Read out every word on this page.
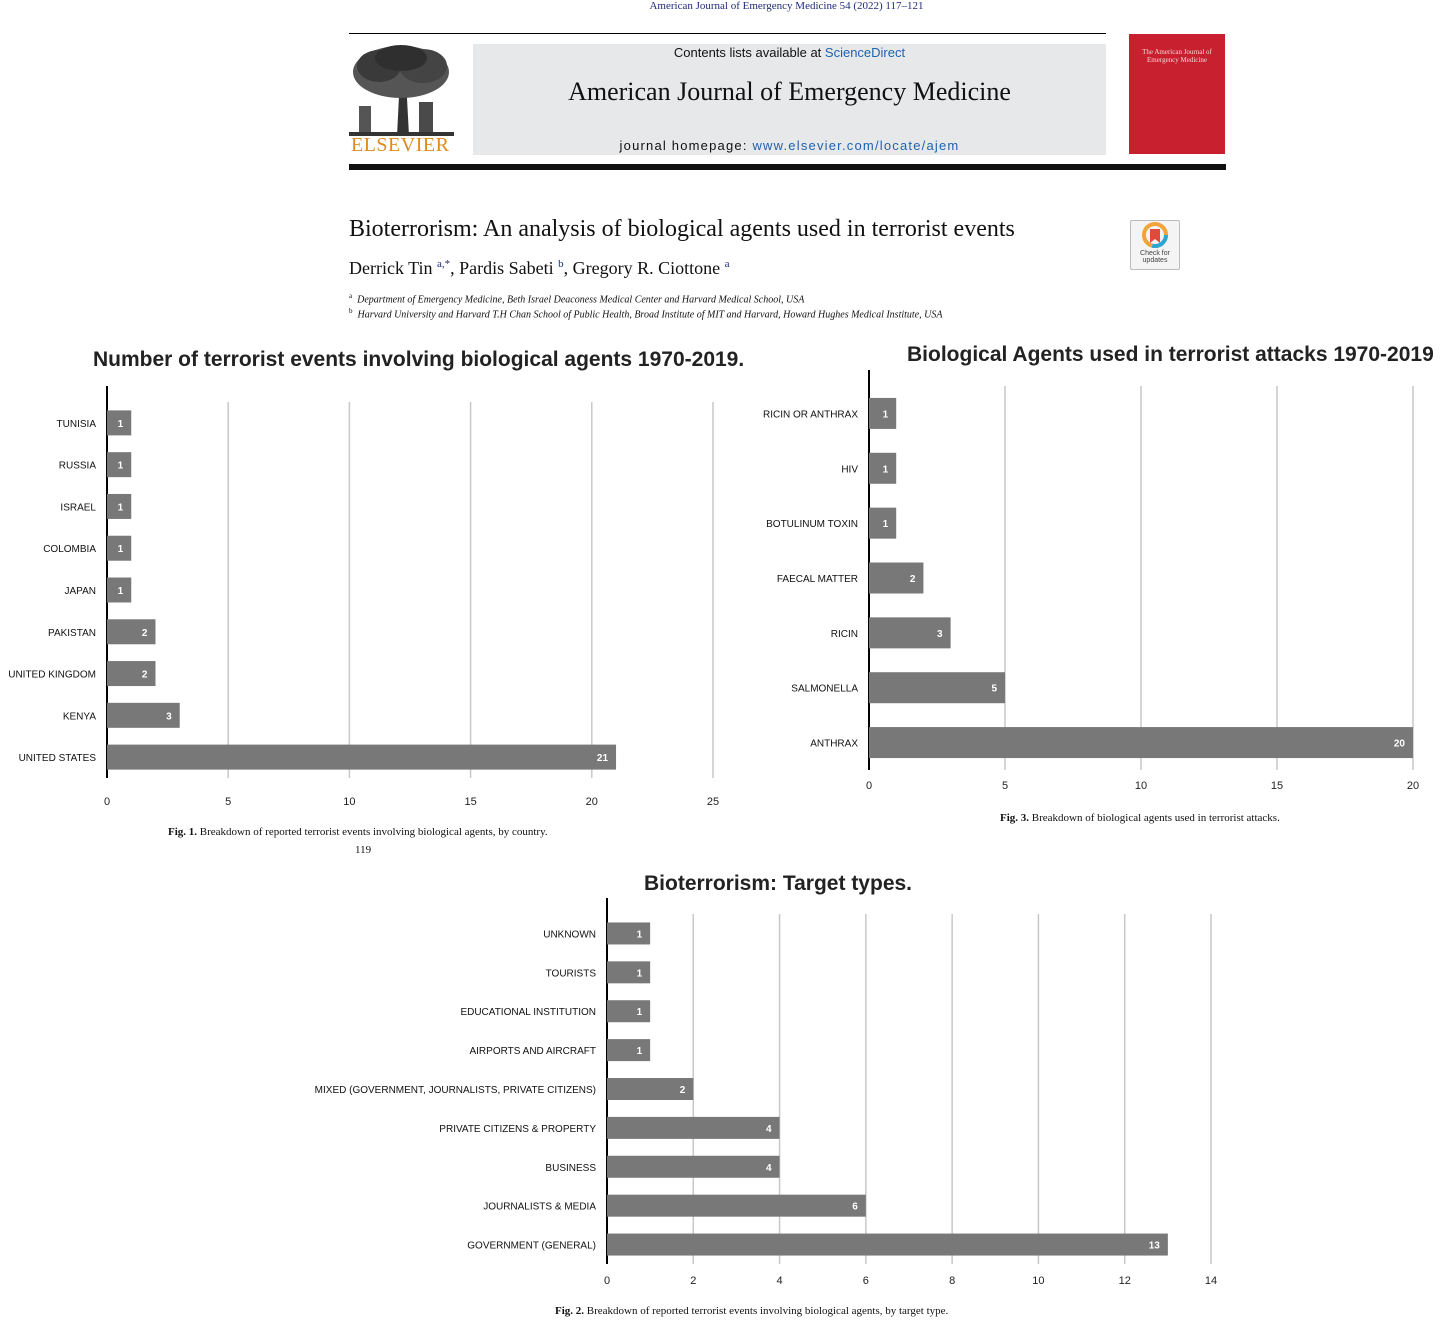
American Journal of Emergency Medicine 54 (2022) 117–121
ELSEVIER
Contents lists available at ScienceDirect
American Journal of Emergency Medicine
journal homepage: www.elsevier.com/locate/ajem
The American Journal of Emergency Medicine
Bioterrorism: An analysis of biological agents used in terrorist events
Derrick Tin $^{a,*}$, Pardis Sabeti $^b$, Gregory R. Ciottone $^a$
$^a$ Department of Emergency Medicine, Beth Israel Deaconess Medical Center and Harvard Medical School, USA
$^b$ Harvard University and Harvard T.H Chan School of Public Health, Broad Institute of MIT and Harvard, Howard Hughes Medical Institute, USA
Check for
updates
Number of terrorist events involving biological agents 1970-2019.	Biological Agents used in terrorist attacks 1970-2019
Bioterrorism: Target types.
0	5	10	15	20	25
1
TUNISIA
1
RUSSIA
1
ISRAEL
1
COLOMBIA
1
JAPAN
2
PAKISTAN
2
UNITED KINGDOM
3
KENYA
21
UNITED STATES
0	5	10	15	20
1
RICIN OR ANTHRAX
1
HIV
1
BOTULINUM TOXIN
2
FAECAL MATTER
3
RICIN
5
SALMONELLA
20
ANTHRAX
0	2	4	6	8	10	12	14
1
UNKNOWN
1
TOURISTS
1
EDUCATIONAL INSTITUTION
1
AIRPORTS AND AIRCRAFT
2
MIXED (GOVERNMENT, JOURNALISTS, PRIVATE CITIZENS)
4
PRIVATE CITIZENS & PROPERTY
4
BUSINESS
6
JOURNALISTS & MEDIA
13
GOVERNMENT (GENERAL)
Fig. 1. Breakdown of reported terrorist events involving biological agents, by country.
119
Fig. 3. Breakdown of biological agents used in terrorist attacks.
Fig. 2. Breakdown of reported terrorist events involving biological agents, by target type.
